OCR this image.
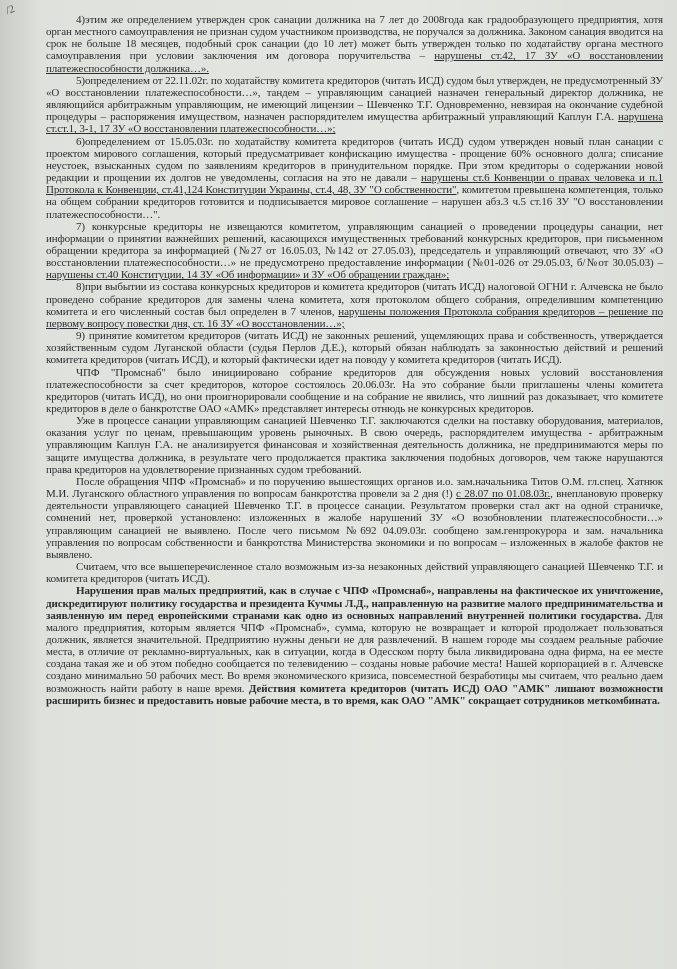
/2

4)этим же определением утвержден срок санации должника на 7 лет до 2008года как градообразующего предприятия, хотя орган местного самоуправления не признан судом участником производства, не поручался за должника. Законом санация вводится на срок не больше 18 месяцев, подобный срок санации (до 10 лет) может быть утвержден только по ходатайству органа местного самоуправления при условии заключения им договора поручительства – нарушены ст.42, 17 ЗУ «О восстановлении платежеспособности должника…».

5)определением от 22.11.02г. по ходатайству комитета кредиторов (читать ИСД) судом был утвержден, не предусмотренный ЗУ «О восстановлении платежеспособности…», тандем – управляющим санацией назначен генеральный директор должника, не являющийся арбитражным управляющим, не имеющий лицензии – Шевченко Т.Г. Одновременно, невзирая на окончание судебной процедуры – распоряжения имуществом, назначен распорядителем имущества арбитражный управляющий Каплун Г.А. нарушена ст.ст.1, 3-1, 17 ЗУ «О восстановлении платежеспособности…»;

6)определением от 15.05.03г. по ходатайству комитета кредиторов (читать ИСД) судом утвержден новый план санации с проектом мирового соглашения, который предусматривает конфискацию имущества - прощение 60% основного долга; списание неустоек, взысканных судом по заявлениям кредиторов в принудительном порядке. При этом кредиторы о содержании новой редакции и прощении их долгов не уведомлены, согласия на это не давали – нарушены ст.6 Конвенции о правах человека и п.1 Протокола к Конвенции, ст.41,124 Конституции Украины, ст.4, 48, ЗУ "О собственности", комитетом превышена компетенция, только на общем собрании кредиторов готовится и подписывается мировое соглашение – нарушен абз.3 ч.5 ст.16 ЗУ "О восстановлении платежеспособности…".

7) конкурсные кредиторы не извещаются комитетом, управляющим санацией о проведении процедуры санации, нет информации о принятии важнейших решений, касающихся имущественных требований конкурсных кредиторов, при письменном обращении кредитора за информацией (№27 от 16.05.03, №142 от 27.05.03), председатель и управляющий отвечают, что ЗУ «О восстановлении платежеспособности…» не предусмотрено предоставление информации (№01-026 от 29.05.03, б/№от 30.05.03) – нарушены ст.40 Конституции, 14 ЗУ «Об информации» и ЗУ «Об обращении граждан»;

8)при выбытии из состава конкурсных кредиторов и комитета кредиторов (читать ИСД) налоговой ОГНИ г. Алчевска не было проведено собрание кредиторов для замены члена комитета, хотя протоколом общего собрания, определившим компетенцию комитета и его численный состав был определен в 7 членов, нарушены положения Протокола собрания кредиторов – решение по первому вопросу повестки дня, ст. 16 ЗУ «О восстановлении…»;

9) принятие комитетом кредиторов (читать ИСД) не законных решений, ущемляющих права и собственность, утверждается хозяйственным судом Луганской области (судья Перлов Д.Е.), который обязан наблюдать за законностью действий и решений комитета кредиторов (читать ИСД), и который фактически идет на поводу у комитета кредиторов (читать ИСД).

ЧПФ "Промснаб" было инициировано собрание кредиторов для обсуждения новых условий восстановления платежеспособности за счет кредиторов, которое состоялось 20.06.03г. На это собрание были приглашены члены комитета кредиторов (читать ИСД), но они проигнорировали сообщение и на собрание не явились, что лишний раз доказывает, что комитете кредиторов в деле о банкротстве ОАО «АМК» представляет интересы отнюдь не конкурсных кредиторов.

Уже в процессе санации управляющим санацией Шевченко Т.Г. заключаются сделки на поставку оборудования, материалов, оказания услуг по ценам, превышающим уровень рыночных. В свою очередь, распорядителем имущества - арбитражным управляющим Каплун Г.А. не анализируется финансовая и хозяйственная деятельность должника, не предпринимаются меры по защите имущества должника, в результате чего продолжается практика заключения подобных договоров, чем также нарушаются права кредиторов на удовлетворение признанных судом требований.

После обращения ЧПФ «Промснаб» и по поручению вышестоящих органов и.о. зам.начальника Титов О.М. гл.спец. Хатнюк М.И. Луганского областного управления по вопросам банкротства провели за 2 дня (!) с 28.07 по 01.08.03г., внеплановую проверку деятельности управляющего санацией Шевченко Т.Г. в процессе санации. Результатом проверки стал акт на одной страничке, сомнений нет, проверкой установлено: изложенных в жалобе нарушений ЗУ «О возобновлении платежеспособности…» управляющим санацией не выявлено. После чего письмом №692 04.09.03г. сообщено зам.генпрокурора и зам. начальника управления по вопросам собственности и банкротства Министерства экономики и по вопросам – изложенных в жалобе фактов не выявлено.

Считаем, что все вышеперечисленное стало возможным из-за незаконных действий управляющего санацией Шевченко Т.Г. и комитета кредиторов (читать ИСД).

Нарушения прав малых предприятий, как в случае с ЧПФ «Промснаб», направлены на фактическое их уничтожение, дискредитируют политику государства и президента Кучмы Л.Д., направленную на развитие малого предпринимательства и заявленную им перед европейскими странами как одно из основных направлений внутренней политики государства. Для малого предприятия, которым является ЧПФ «Промснаб», сумма, которую не возвращает и которой продолжает пользоваться должник, является значительной. Предприятию нужны деньги не для развлечений. В нашем городе мы создаем реальные рабочие места, в отличие от рекламно-виртуальных, как в ситуации, когда в Одесском порту была ликвидирована одна фирма, на ее месте создана такая же и об этом победно сообщается по телевидению – созданы новые рабочие места! Нашей корпорацией в г. Алчевске создано минимально 50 рабочих мест. Во время экономического кризиса, повсеместной безработицы мы считаем, что реально даем возможность найти работу в наше время. Действия комитета кредиторов (читать ИСД) ОАО "АМК" лишают возможности расширить бизнес и предоставить новые рабочие места, в то время, как ОАО "АМК" сокращает сотрудников меткомбината.
